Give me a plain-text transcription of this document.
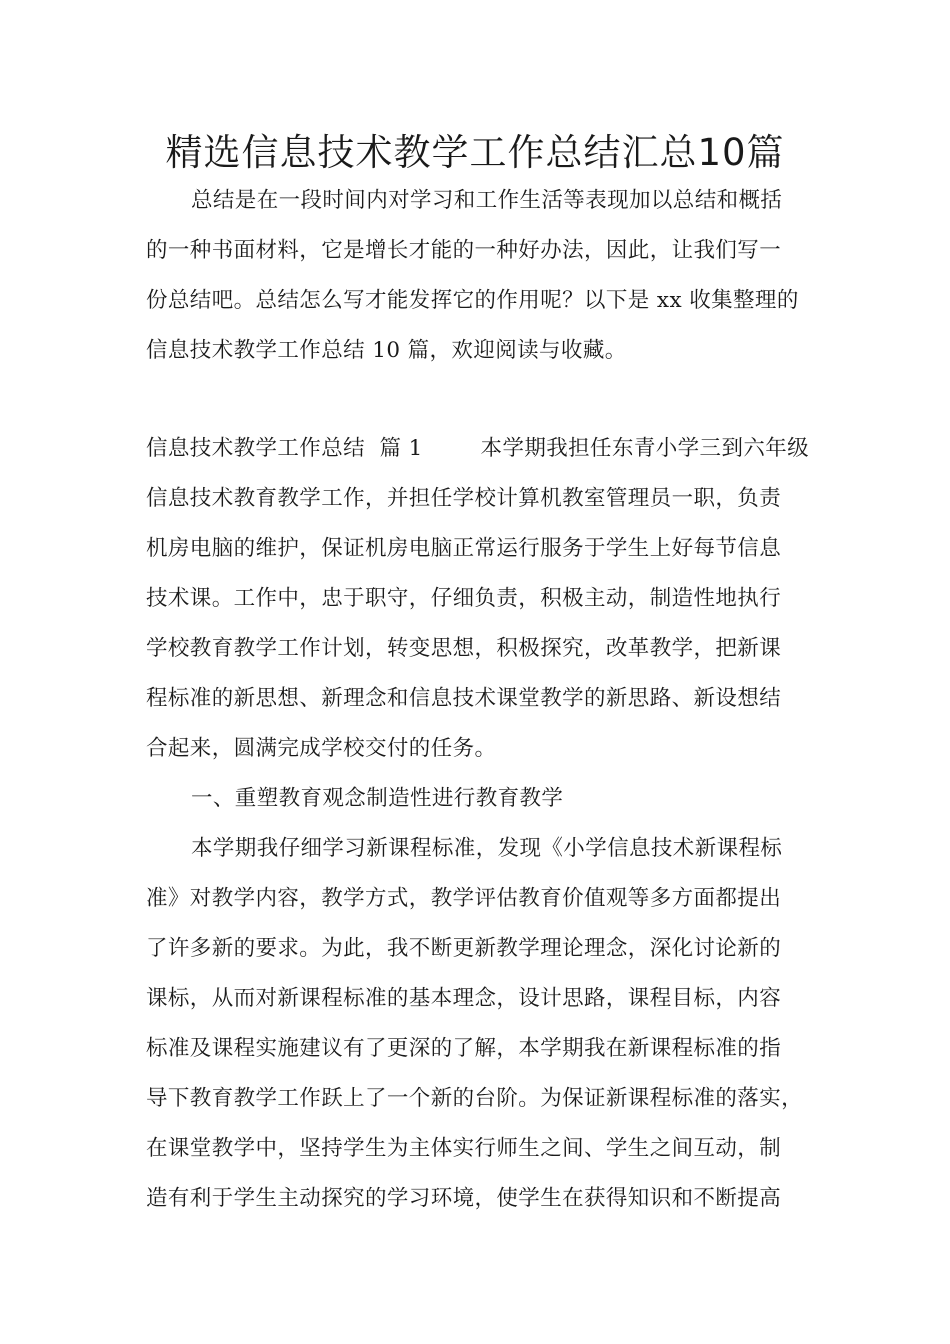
精选信息技术教学工作总结汇总10篇
总结是在一段时间内对学习和工作生活等表现加以总结和概括
的一种书面材料，它是增长才能的一种好办法，因此，让我们写一
份总结吧。总结怎么写才能发挥它的作用呢？以下是 xx 收集整理的
信息技术教学工作总结 10 篇，欢迎阅读与收藏。
信息技术教学工作总结  篇 1        本学期我担任东青小学三到六年级
信息技术教育教学工作，并担任学校计算机教室管理员一职，负责
机房电脑的维护，保证机房电脑正常运行服务于学生上好每节信息
技术课。工作中，忠于职守，仔细负责，积极主动，制造性地执行
学校教育教学工作计划，转变思想，积极探究，改革教学，把新课
程标准的新思想、新理念和信息技术课堂教学的新思路、新设想结
合起来，圆满完成学校交付的任务。
一、重塑教育观念制造性进行教育教学
本学期我仔细学习新课程标准，发现《小学信息技术新课程标
准》对教学内容，教学方式，教学评估教育价值观等多方面都提出
了许多新的要求。为此，我不断更新教学理论理念，深化讨论新的
课标，从而对新课程标准的基本理念，设计思路，课程目标，内容
标准及课程实施建议有了更深的了解，本学期我在新课程标准的指
导下教育教学工作跃上了一个新的台阶。为保证新课程标准的落实，
在课堂教学中，坚持学生为主体实行师生之间、学生之间互动，制
造有利于学生主动探究的学习环境，使学生在获得知识和不断提高
